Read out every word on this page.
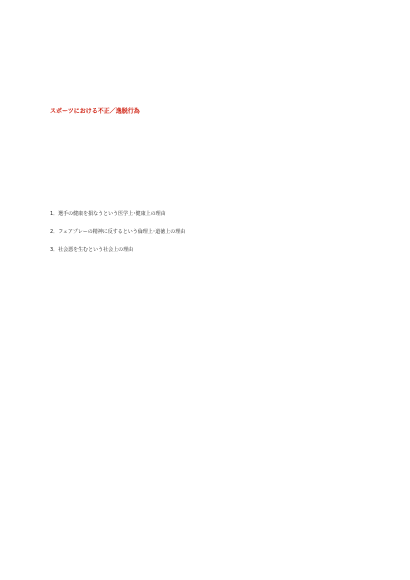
スポーツにおける不正／逸脱行為

1．選手の健康を損なうという医学上･健康上の理由
2．フェアプレーの精神に反するという倫理上･道徳上の理由
3．社会悪を生むという社会上の理由
